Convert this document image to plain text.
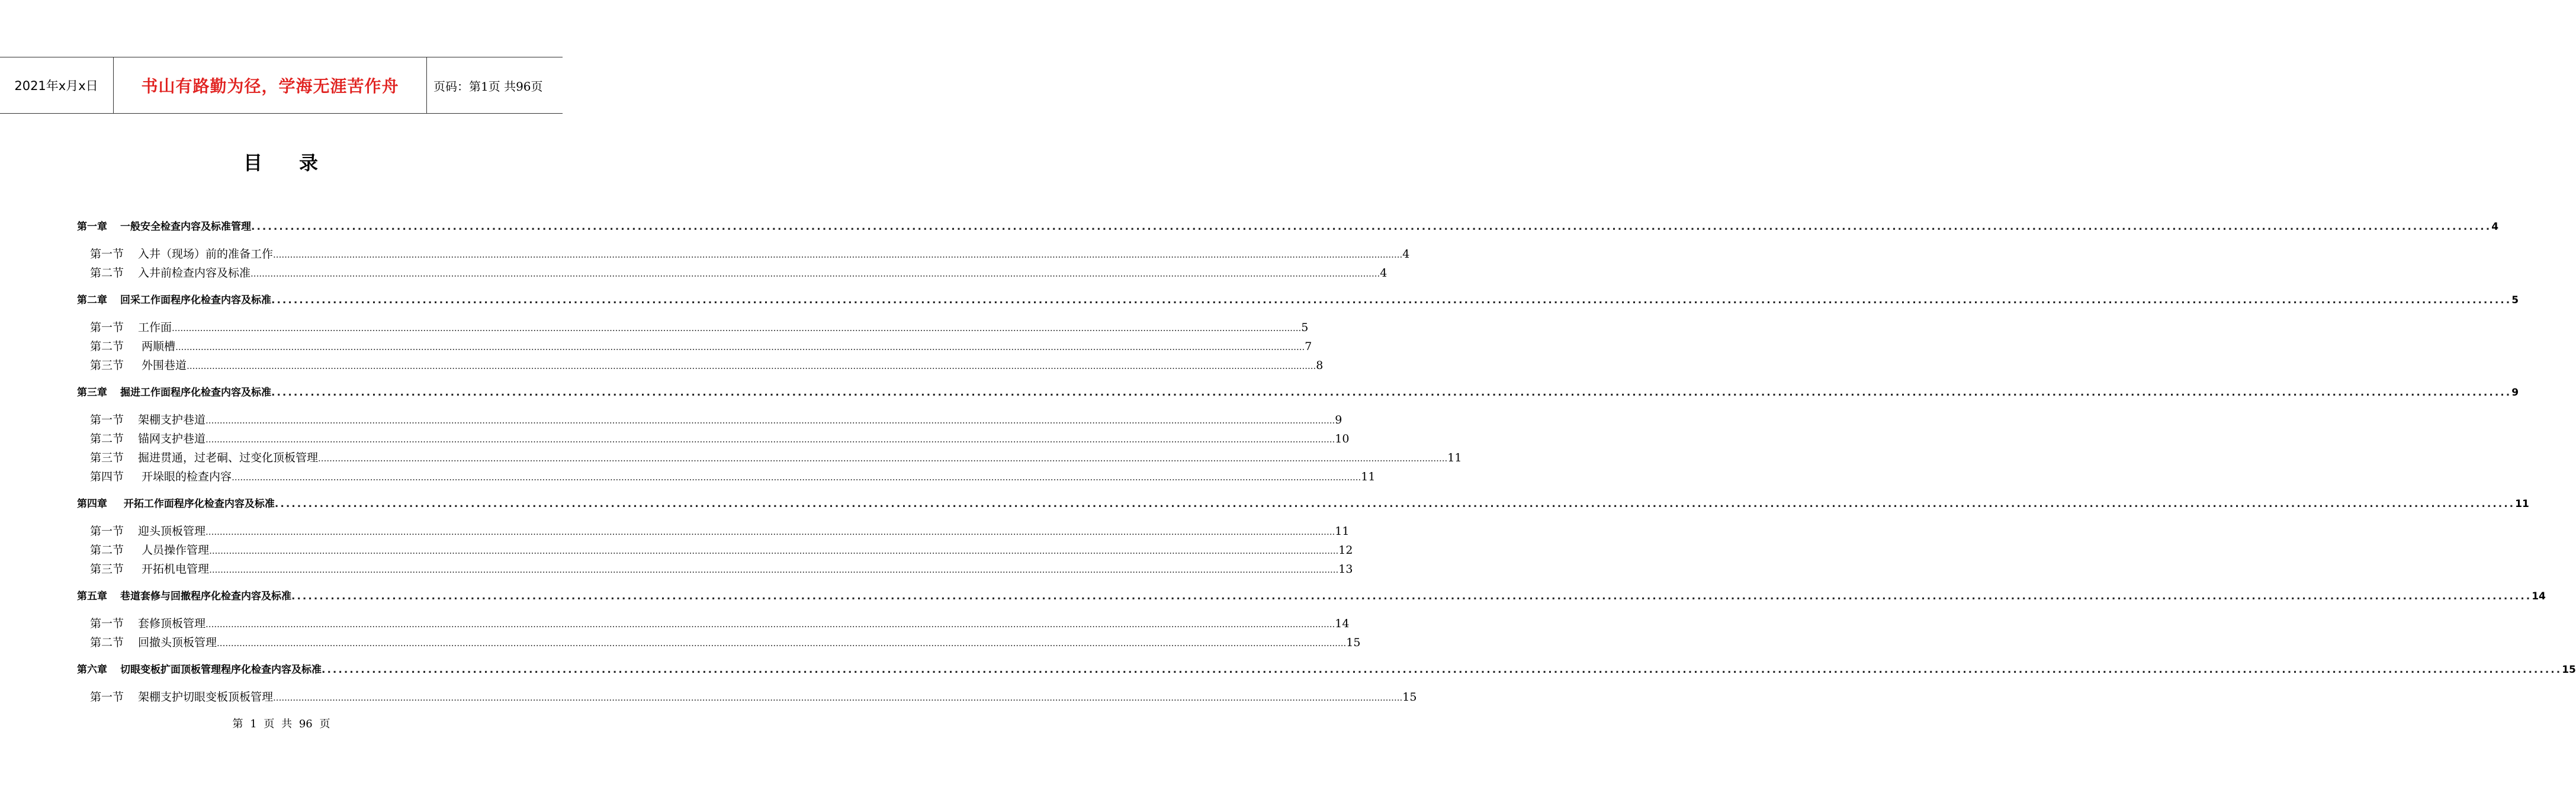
2021年x月x日	书山有路勤为径，学海无涯苦作舟	页码：第1页 共96页
目 录
第一章 一般安全检查内容及标准管理 ................................................................................................................................................................................................................................................................................................................................................................................................................ 4
第一节 入井（现场）前的准备工作 ................................................................................................................................................................................................................................................................................................................................................................................................................ 4
第二节 入井前检查内容及标准 ................................................................................................................................................................................................................................................................................................................................................................................................................ 4
第二章 回采工作面程序化检查内容及标准 ................................................................................................................................................................................................................................................................................................................................................................................................................ 5
第一节 工作面 ................................................................................................................................................................................................................................................................................................................................................................................................................ 5
第二节 两顺槽 ................................................................................................................................................................................................................................................................................................................................................................................................................ 7
第三节 外围巷道 ................................................................................................................................................................................................................................................................................................................................................................................................................ 8
第三章 掘进工作面程序化检查内容及标准 ................................................................................................................................................................................................................................................................................................................................................................................................................ 9
第一节 架棚支护巷道 ................................................................................................................................................................................................................................................................................................................................................................................................................ 9
第二节 锚网支护巷道 ................................................................................................................................................................................................................................................................................................................................................................................................................ 10
第三节 掘进贯通，过老硐、过变化顶板管理 ................................................................................................................................................................................................................................................................................................................................................................................................................ 11
第四节 开垛眼的检查内容 ................................................................................................................................................................................................................................................................................................................................................................................................................ 11
第四章 开拓工作面程序化检查内容及标准 ................................................................................................................................................................................................................................................................................................................................................................................................................ 11
第一节 迎头顶板管理 ................................................................................................................................................................................................................................................................................................................................................................................................................ 11
第二节 人员操作管理 ................................................................................................................................................................................................................................................................................................................................................................................................................ 12
第三节 开拓机电管理 ................................................................................................................................................................................................................................................................................................................................................................................................................ 13
第五章 巷道套修与回撤程序化检查内容及标准 ................................................................................................................................................................................................................................................................................................................................................................................................................ 14
第一节 套修顶板管理 ................................................................................................................................................................................................................................................................................................................................................................................................................ 14
第二节 回撤头顶板管理 ................................................................................................................................................................................................................................................................................................................................................................................................................ 15
第六章 切眼变板扩面顶板管理程序化检查内容及标准 ................................................................................................................................................................................................................................................................................................................................................................................................................ 15
第一节 架棚支护切眼变板顶板管理 ................................................................................................................................................................................................................................................................................................................................................................................................................ 15
第 1 页 共 96 页
